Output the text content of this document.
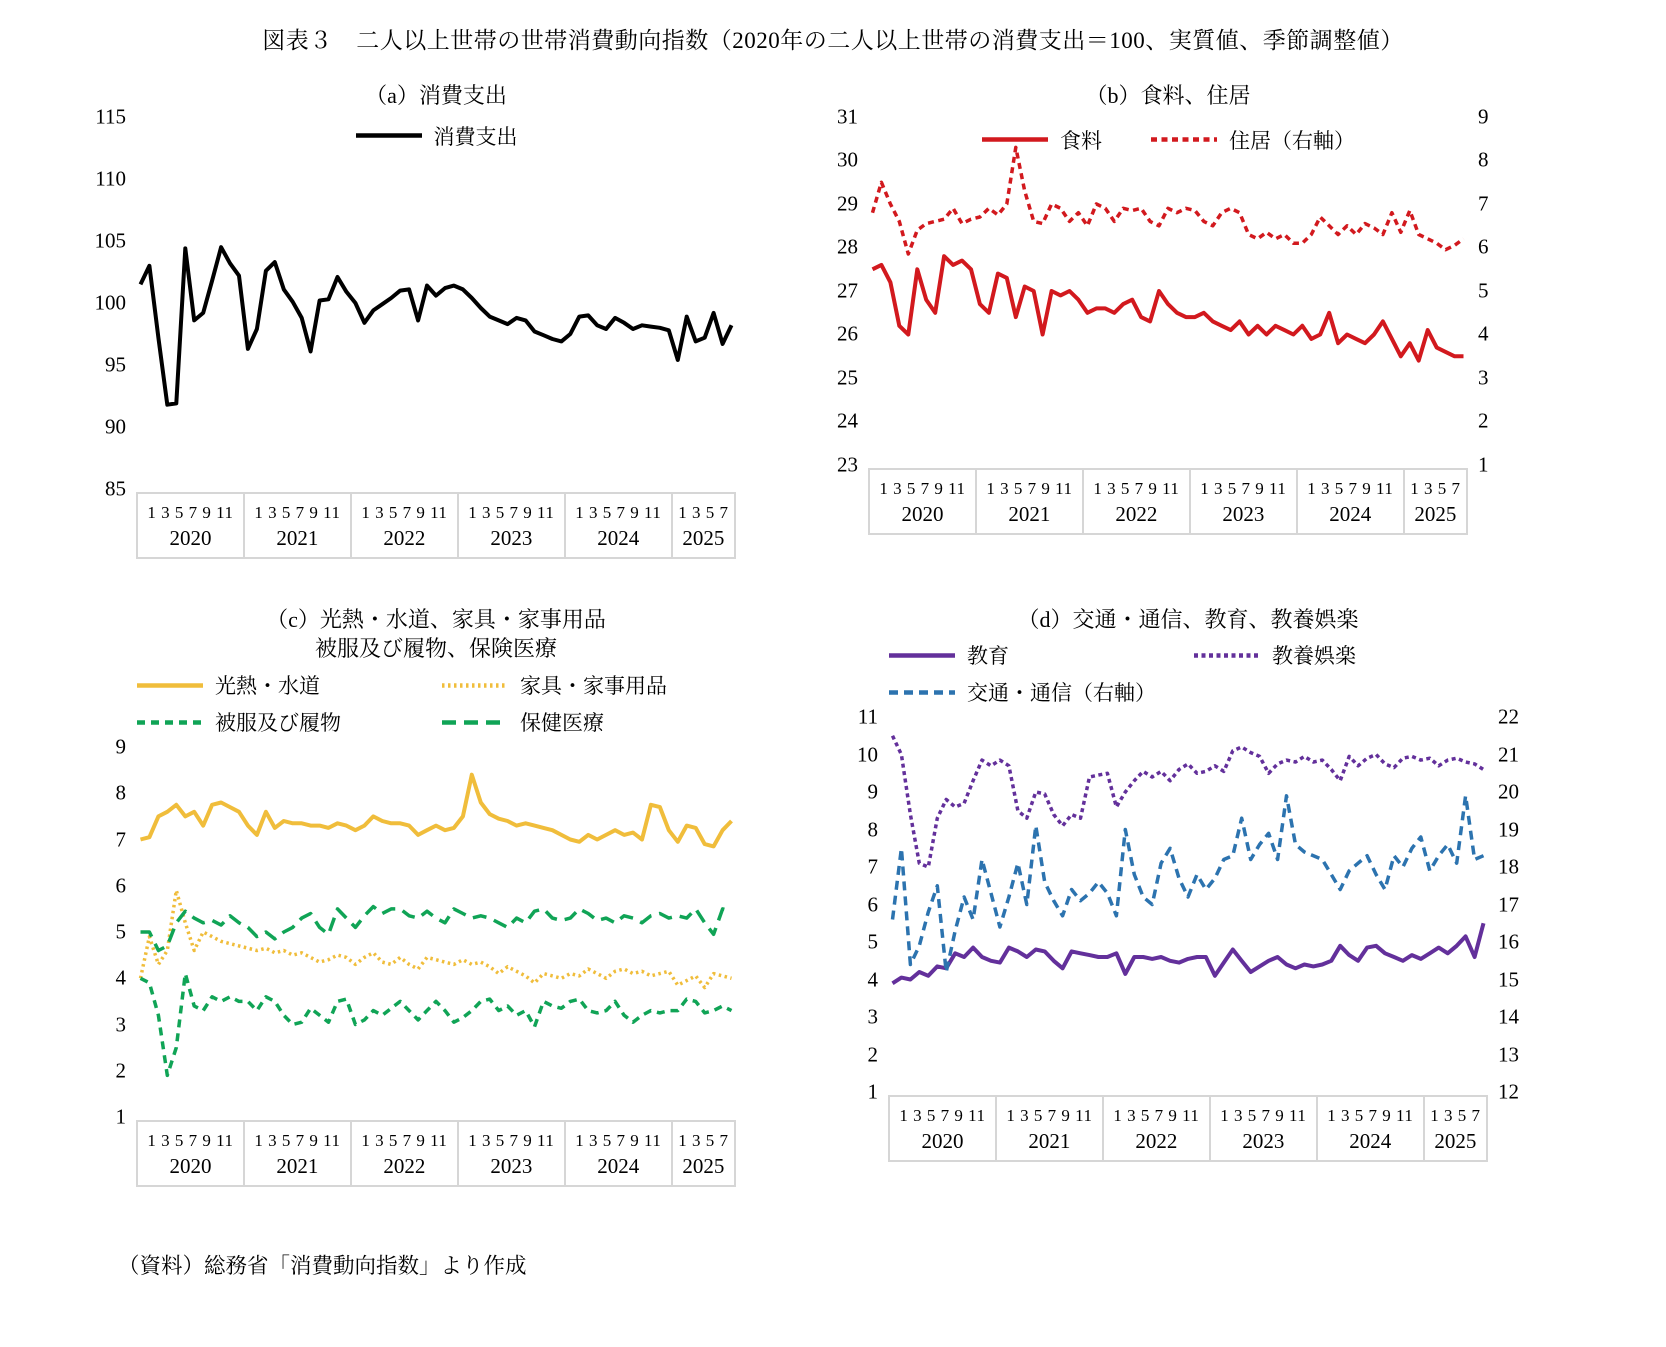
図表３　二人以上世帯の世帯消費動向指数（2020年の二人以上世帯の消費支出＝100、実質値、季節調整値）
（a）消費支出
115
110
105
100
95
90
85
消費支出
1 3 5 7 9 11
2020
1 3 5 7 9 11
2021
1 3 5 7 9 11
2022
1 3 5 7 9 11
2023
1 3 5 7 9 11
2024
1 3 5 7
2025
（b）食料、住居
31
30
29
28
27
26
25
24
23
食料	住居（右軸）
9
8
7
6
5
4
3
2
1
1 3 5 7 9 11
2020
1 3 5 7 9 11
2021
1 3 5 7 9 11
2022
1 3 5 7 9 11
2023
1 3 5 7 9 11
2024
1 3 5 7
2025
（c）光熱・水道、家具・家事用品
被服及び履物、保険医療
光熱・水道	家具・家事用品
被服及び履物	保健医療
9
8
7
6
5
4
3
2
1
1 3 5 7 9 11
2020
1 3 5 7 9 11
2021
1 3 5 7 9 11
2022
1 3 5 7 9 11
2023
1 3 5 7 9 11
2024
1 3 5 7
2025
（d）交通・通信、教育、教養娯楽
教育	教養娯楽
交通・通信（右軸）
11
10
9
8
7
6
5
4
3
2
1
22
21
20
19
18
17
16
15
14
13
12
1 3 5 7 9 11
2020
1 3 5 7 9 11
2021
1 3 5 7 9 11
2022
1 3 5 7 9 11
2023
1 3 5 7 9 11
2024
1 3 5 7
2025
（資料）総務省「消費動向指数」より作成
